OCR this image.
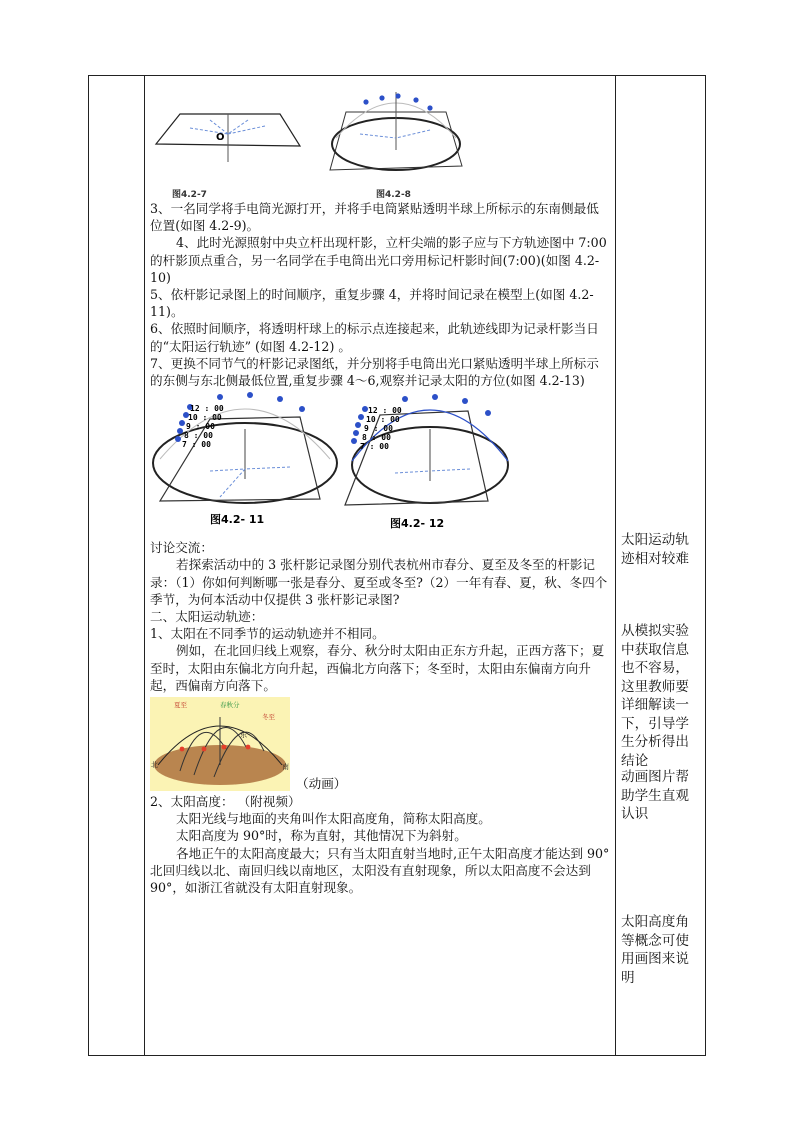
O
图4.2-7	图4.2-8

3、一名同学将手电筒光源打开，并将手电筒紧贴透明半球上所标示的东南侧最低位置(如图 4.2-9)。

4、此时光源照射中央立杆出现杆影，立杆尖端的影子应与下方轨迹图中 7:00 的杆影顶点重合，另一名同学在手电筒出光口旁用标记杆影时间(7:00)(如图 4.2-10)

5、依杆影记录图上的时间顺序，重复步骤 4，并将时间记录在模型上(如图 4.2-11)。

6、依照时间顺序，将透明杆球上的标示点连接起来，此轨迹线即为记录杆影当日的“太阳运行轨迹” (如图 4.2-12) 。

7、更换不同节气的杆影记录图纸，并分别将手电筒出光口紧贴透明半球上所标示的东侧与东北侧最低位置,重复步骤 4～6,观察并记录太阳的方位(如图 4.2-13)

12 : 00
10 : 00
9 : 00
8 : 00
7 : 00
图4.2- 11
12 : 00
10 : 00
9 : 00
8 : 00
7 : 00
图4.2- 12

讨论交流：

若探索活动中的 3 张杆影记录图分别代表杭州市春分、夏至及冬至的杆影记录：（1）你如何判断哪一张是春分、夏至或冬至?（2）一年有春、夏，秋、冬四个季节，为何本活动中仅提供 3 张杆影记录图?

二、太阳运动轨迹：

1、太阳在不同季节的运动轨迹并不相同。

例如，在北回归线上观察，春分、秋分时太阳由正东方升起，正西方落下；夏至时，太阳由东偏北方向升起，西偏北方向落下；冬至时，太阳由东偏南方向升起，西偏南方向落下。

夏至	春秋分
冬至
东
北	南
（动画）

2、太阳高度： （附视频）

太阳光线与地面的夹角叫作太阳高度角，简称太阳高度。

太阳高度为 90°时，称为直射，其他情况下为斜射。

各地正午的太阳高度最大；只有当太阳直射当地时,正午太阳高度才能达到 90° 北回归线以北、南回归线以南地区，太阳没有直射现象，所以太阳高度不会达到 90°，如浙江省就没有太阳直射现象。

太阳运动轨迹相对较难
从模拟实验中获取信息也不容易，这里教师要详细解读一下，引导学生分析得出结论
动画图片帮助学生直观认识
太阳高度角等概念可使用画图来说明
